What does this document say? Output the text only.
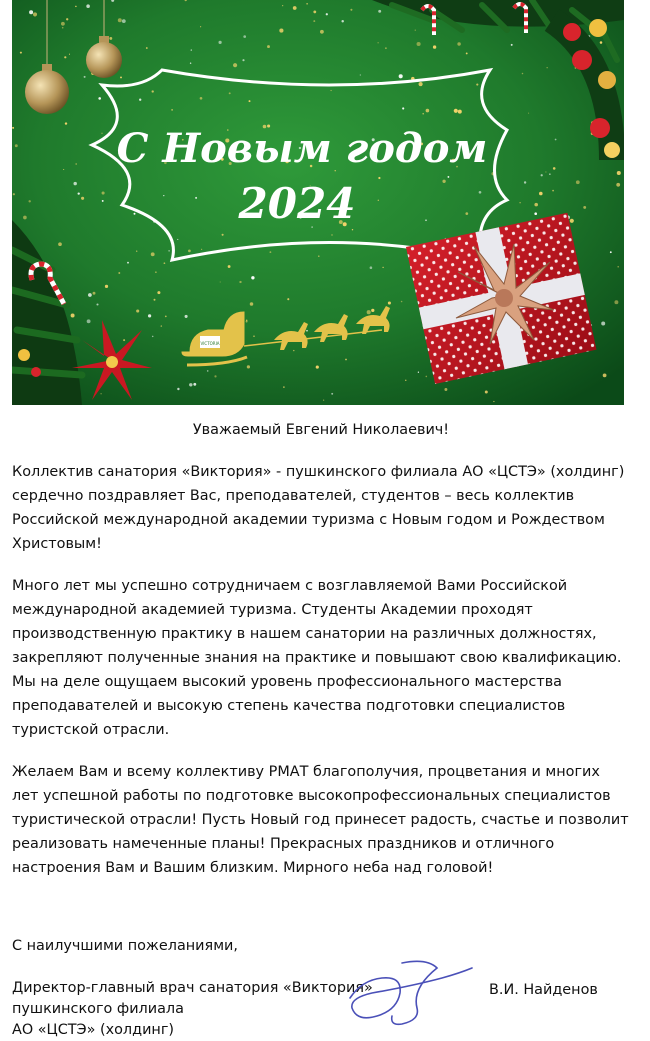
С Новым годом
2024
VICTORIA

Уважаемый Евгений Николаевич!

Коллектив санатория «Виктория» - пушкинского филиала АО «ЦСТЭ» (холдинг) сердечно поздравляет Вас, преподавателей, студентов – весь коллектив Российской международной академии туризма с Новым годом и Рождеством Христовым!

Много лет мы успешно сотрудничаем с возглавляемой Вами Российской международной академией туризма. Студенты Академии проходят производственную практику в нашем санатории на различных должностях, закрепляют полученные знания на практике и повышают свою квалификацию. Мы на деле ощущаем высокий уровень профессионального мастерства преподавателей и высокую степень качества подготовки специалистов туристской отрасли.

Желаем Вам и всему коллективу РМАТ благополучия, процветания и многих лет успешной работы по подготовке высокопрофессиональных специалистов туристической отрасли! Пусть Новый год принесет радость, счастье и позволит реализовать намеченные планы! Прекрасных праздников и отличного настроения Вам и Вашим близким. Мирного неба над головой!

С наилучшими пожеланиями,
Директор-главный врач санатория «Виктория»
пушкинского филиала
АО «ЦСТЭ» (холдинг)
В.И. Найденов
